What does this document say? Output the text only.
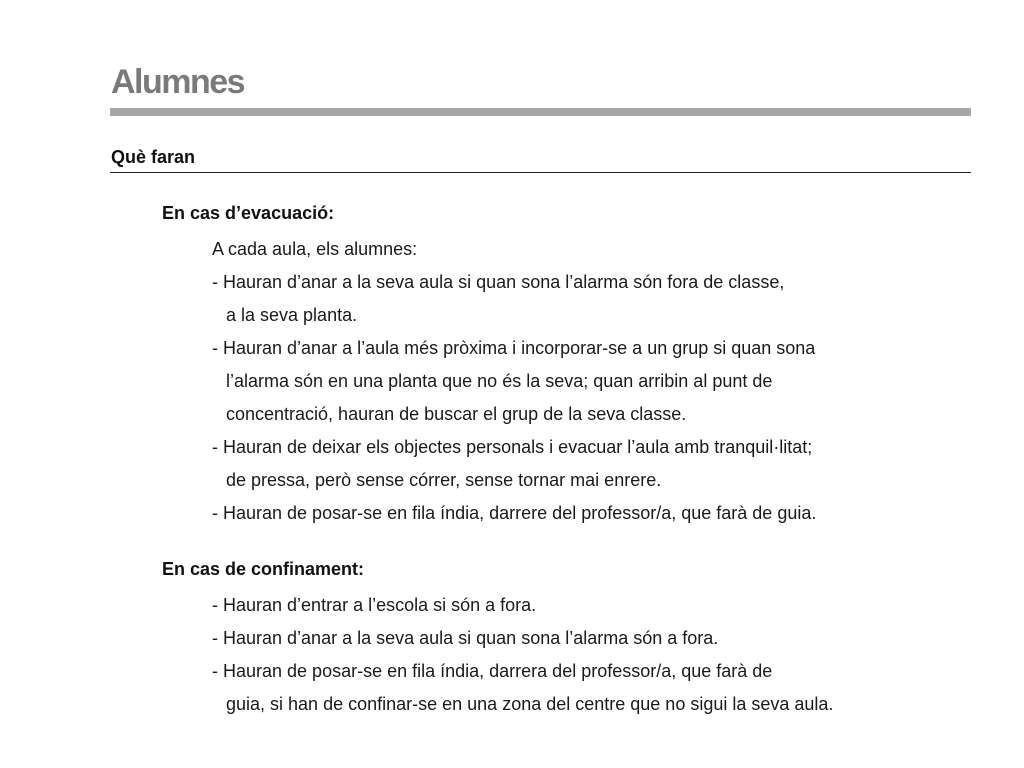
Alumnes
Què faran
En cas d’evacuació:
A cada aula, els alumnes:
- Hauran d’anar a la seva aula si quan sona l’alarma són fora de classe,
a la seva planta.
- Hauran d’anar a l’aula més pròxima i incorporar-se a un grup si quan sona
l’alarma són en una planta que no és la seva; quan arribin al punt de
concentració, hauran de buscar el grup de la seva classe.
- Hauran de deixar els objectes personals i evacuar l’aula amb tranquil·litat;
de pressa, però sense córrer, sense tornar mai enrere.
- Hauran de posar-se en fila índia, darrere del professor/a, que farà de guia.
En cas de confinament:
- Hauran d’entrar a l’escola si són a fora.
- Hauran d’anar a la seva aula si quan sona l’alarma són a fora.
- Hauran de posar-se en fila índia, darrera del professor/a, que farà de
guia, si han de confinar-se en una zona del centre que no sigui la seva aula.
